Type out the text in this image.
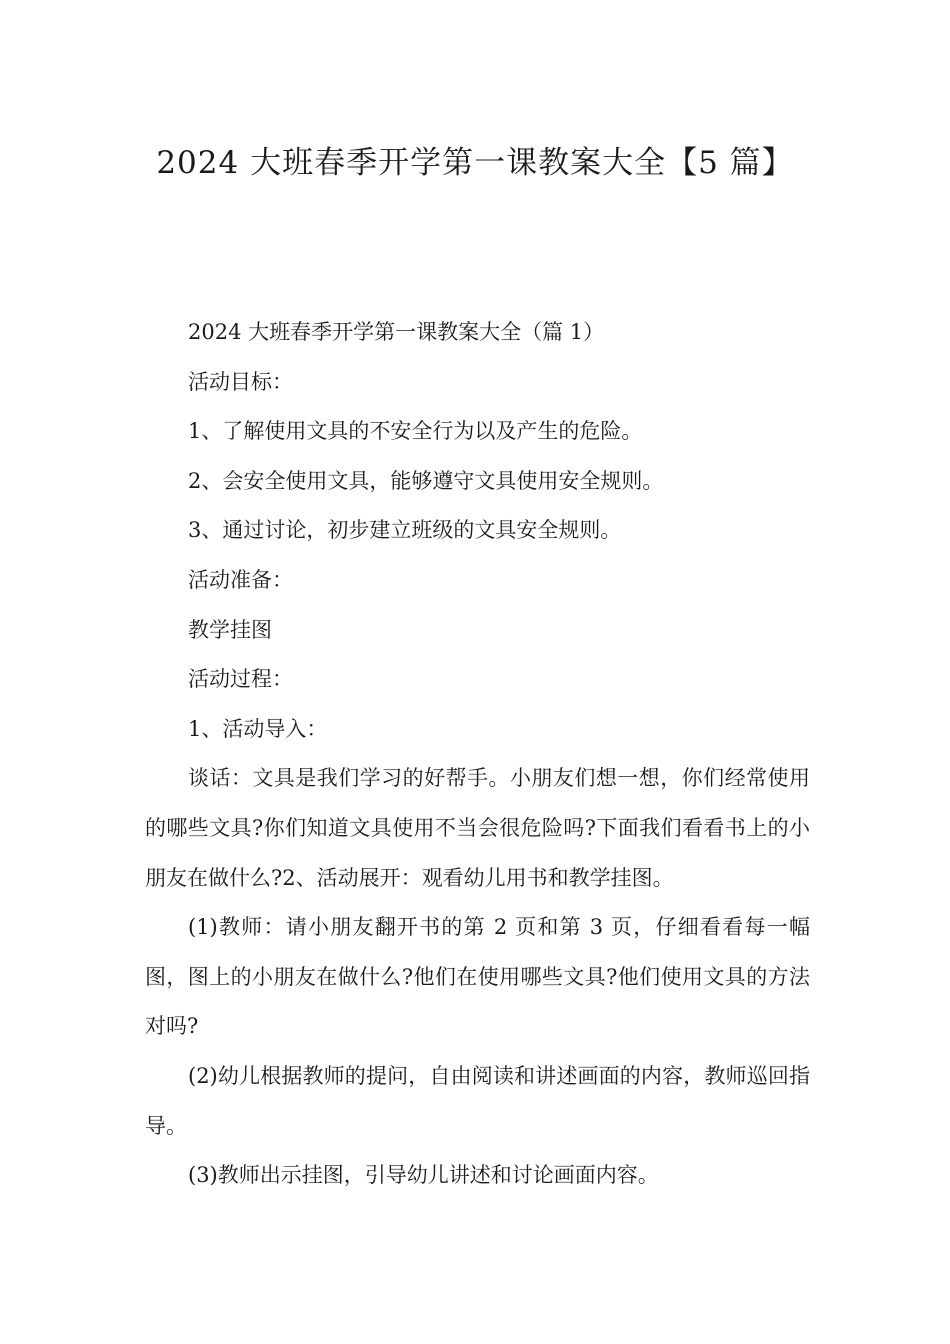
2024 大班春季开学第一课教案大全【5 篇】

2024 大班春季开学第一课教案大全（篇 1）

活动目标：

1、了解使用文具的不安全行为以及产生的危险。

2、会安全使用文具，能够遵守文具使用安全规则。

3、通过讨论，初步建立班级的文具安全规则。

活动准备：

教学挂图

活动过程：

1、活动导入：

谈话：文具是我们学习的好帮手。小朋友们想一想，你们经常使用的哪些文具?你们知道文具使用不当会很危险吗?下面我们看看书上的小朋友在做什么?2、活动展开：观看幼儿用书和教学挂图。

(1)教师：请小朋友翻开书的第 2 页和第 3 页，仔细看看每一幅图，图上的小朋友在做什么?他们在使用哪些文具?他们使用文具的方法对吗?

(2)幼儿根据教师的提问，自由阅读和讲述画面的内容，教师巡回指导。

(3)教师出示挂图，引导幼儿讲述和讨论画面内容。
